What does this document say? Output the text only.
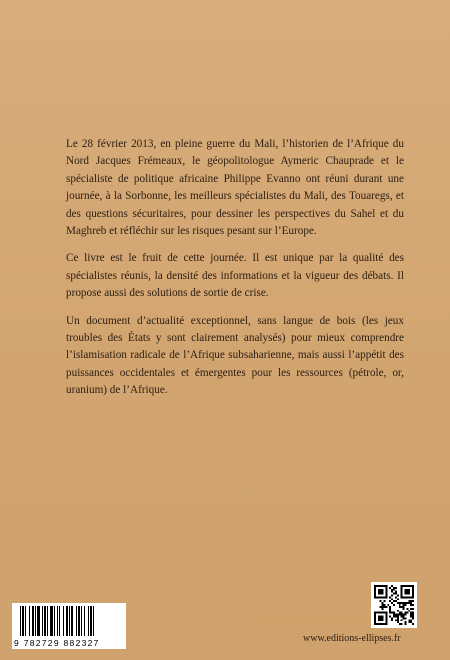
Le 28 février 2013, en pleine guerre du Mali, l’historien de l’Afrique du Nord Jacques Frémeaux, le géopolitologue Aymeric Chauprade et le spécialiste de politique africaine Philippe Evanno ont réuni durant une journée, à la Sorbonne, les meilleurs spécialistes du Mali, des Touaregs, et des questions sécuritaires, pour dessiner les perspectives du Sahel et du Maghreb et réfléchir sur les risques pesant sur l’Europe.

Ce livre est le fruit de cette journée. Il est unique par la qualité des spécialistes réunis, la densité des informations et la vigueur des débats. Il propose aussi des solutions de sortie de crise.

Un document d’actualité exceptionnel, sans langue de bois (les jeux troubles des États y sont clairement analysés) pour mieux comprendre l’islamisation radicale de l’Afrique subsaharienne, mais aussi l’appétit des puissances occidentales et émergentes pour les ressources (pétrole, or, uranium) de l’Afrique.

9 782729 882327	www.editions-ellipses.fr
